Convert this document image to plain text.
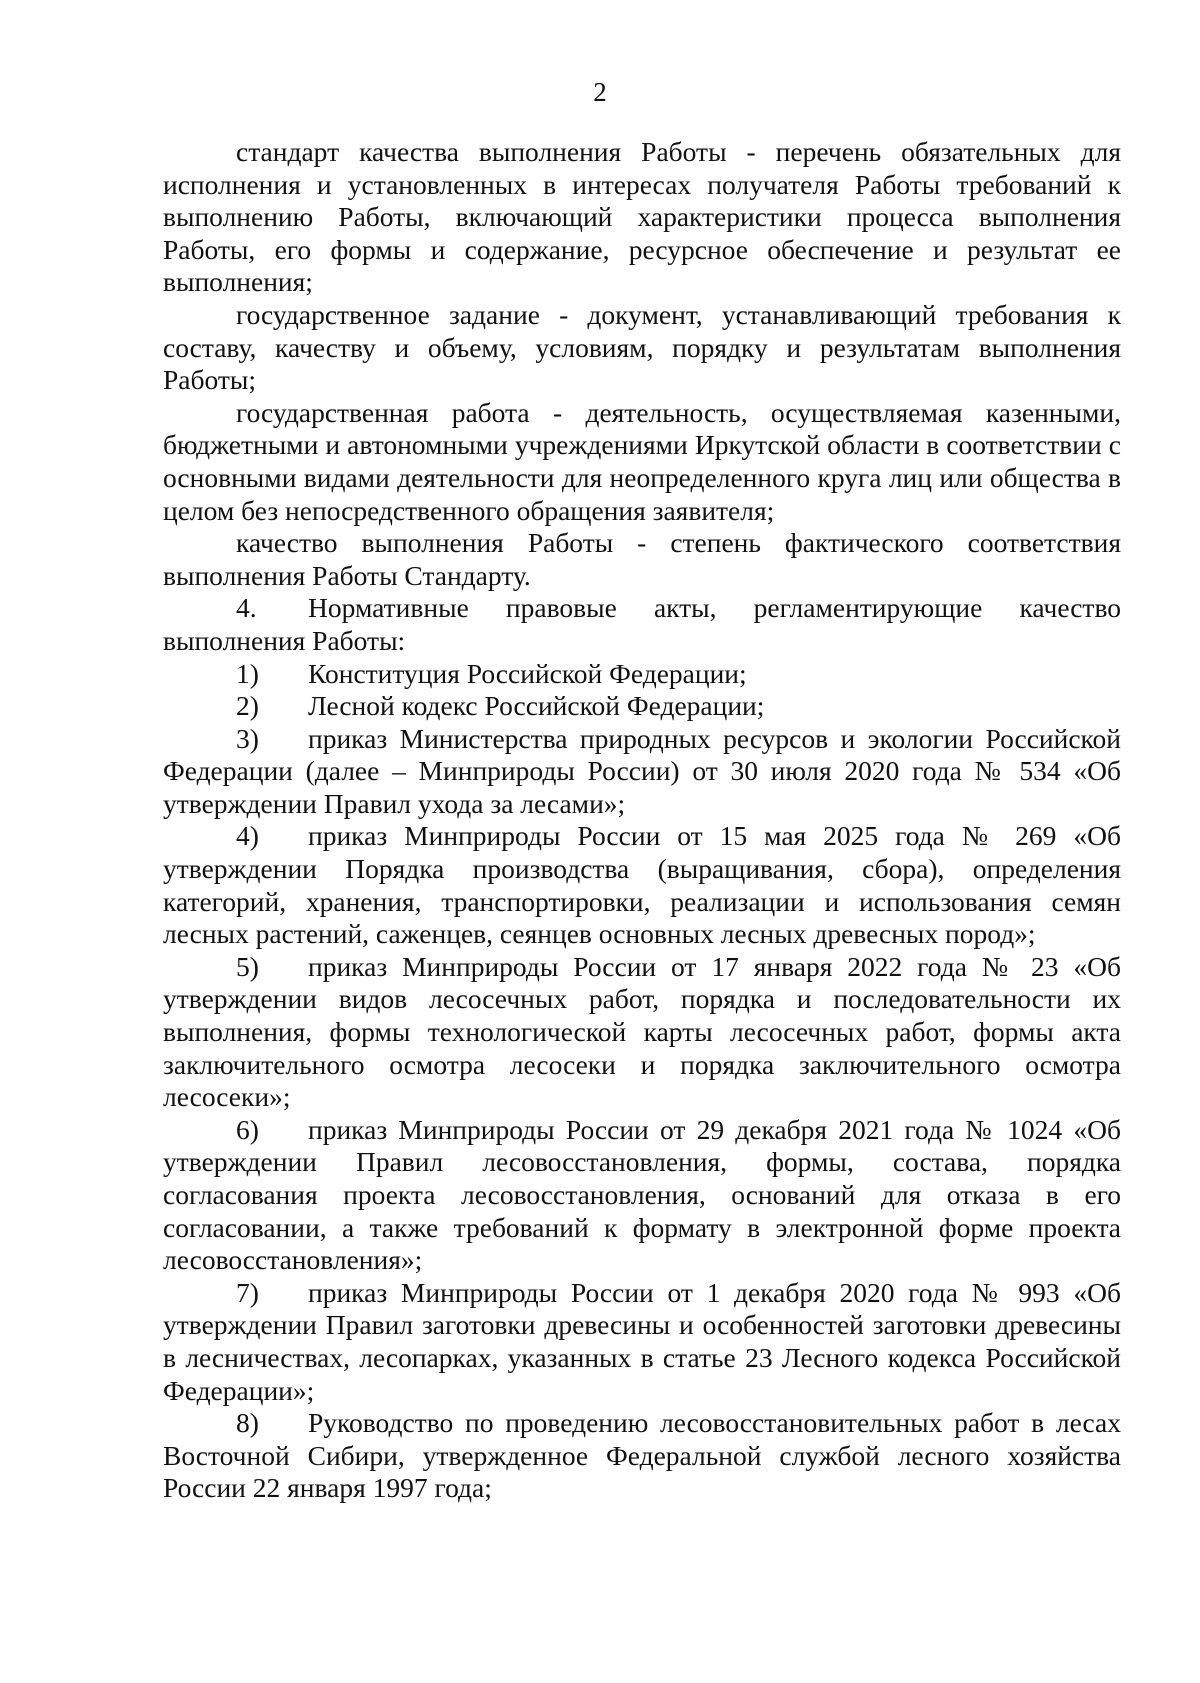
2

стандарт качества выполнения Работы - перечень обязательных для исполнения и установленных в интересах получателя Работы требований к выполнению Работы, включающий характеристики процесса выполнения Работы, его формы и содержание, ресурсное обеспечение и результат ее выполнения;

государственное задание - документ, устанавливающий требования к составу, качеству и объему, условиям, порядку и результатам выполнения Работы;

государственная работа - деятельность, осуществляемая казенными, бюджетными и автономными учреждениями Иркутской области в соответствии с основными видами деятельности для неопределенного круга лиц или общества в целом без непосредственного обращения заявителя;

качество выполнения Работы - степень фактического соответствия выполнения Работы Стандарту.

4. Нормативные правовые акты, регламентирующие качество выполнения Работы:

1) Конституция Российской Федерации;

2) Лесной кодекс Российской Федерации;

3) приказ Министерства природных ресурсов и экологии Российской Федерации (далее – Минприроды России) от 30 июля 2020 года № 534 «Об утверждении Правил ухода за лесами»;

4) приказ Минприроды России от 15 мая 2025 года № 269 «Об утверждении Порядка производства (выращивания, сбора), определения категорий, хранения, транспортировки, реализации и использования семян лесных растений, саженцев, сеянцев основных лесных древесных пород»;

5) приказ Минприроды России от 17 января 2022 года № 23 «Об утверждении видов лесосечных работ, порядка и последовательности их выполнения, формы технологической карты лесосечных работ, формы акта заключительного осмотра лесосеки и порядка заключительного осмотра лесосеки»;

6) приказ Минприроды России от 29 декабря 2021 года № 1024 «Об утверждении Правил лесовосстановления, формы, состава, порядка согласования проекта лесовосстановления, оснований для отказа в его согласовании, а также требований к формату в электронной форме проекта лесовосстановления»;

7) приказ Минприроды России от 1 декабря 2020 года № 993 «Об утверждении Правил заготовки древесины и особенностей заготовки древесины в лесничествах, лесопарках, указанных в статье 23 Лесного кодекса Российской Федерации»;

8) Руководство по проведению лесовосстановительных работ в лесах Восточной Сибири, утвержденное Федеральной службой лесного хозяйства России 22 января 1997 года;
